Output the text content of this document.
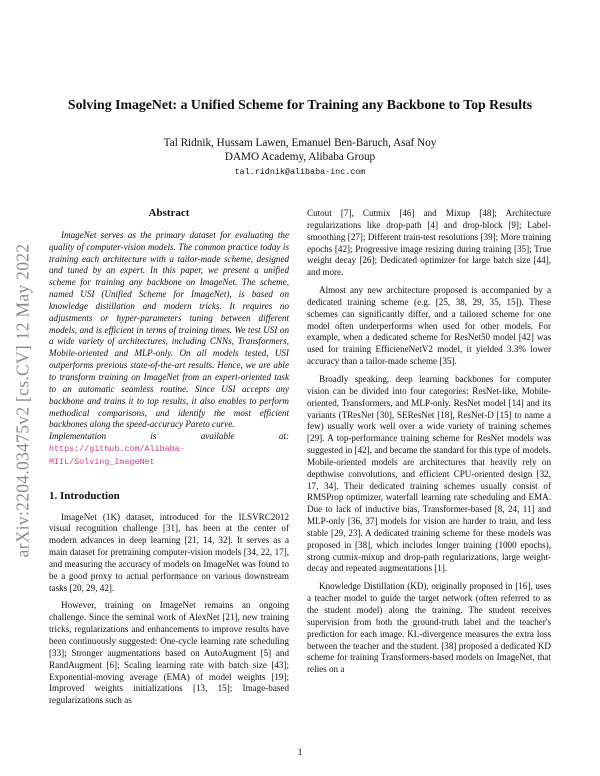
arXiv:2204.03475v2 [cs.CV] 12 May 2022
Solving ImageNet: a Unified Scheme for Training any Backbone to Top Results
Tal Ridnik, Hussam Lawen, Emanuel Ben-Baruch, Asaf Noy
DAMO Academy, Alibaba Group
tal.ridnik@alibaba-inc.com
Abstract

ImageNet serves as the primary dataset for evaluating the quality of computer-vision models. The common practice today is training each architecture with a tailor-made scheme, designed and tuned by an expert. In this paper, we present a unified scheme for training any backbone on ImageNet. The scheme, named USI (Unified Scheme for ImageNet), is based on knowledge distillation and modern tricks. It requires no adjustments or hyper-parameters tuning between different models, and is efficient in terms of training times. We test USI on a wide variety of architectures, including CNNs, Transformers, Mobile-oriented and MLP-only. On all models tested, USI outperforms previous state-of-the-art results. Hence, we are able to transform training on ImageNet from an expert-oriented task to an automatic seamless routine. Since USI accepts any backbone and trains it to top results, it also enables to perform methodical comparisons, and identify the most efficient backbones along the speed-accuracy Pareto curve.

Implementation is available at: https://github.com/Alibaba-MIIL/Solving_ImageNet

1. Introduction

ImageNet (1K) dataset, introduced for the ILSVRC2012 visual recognition challenge [31], has been at the center of modern advances in deep learning [21, 14, 32]. It serves as a main dataset for pretraining computer-vision models [34, 22, 17], and measuring the accuracy of models on ImageNet was found to be a good proxy to actual performance on various downstream tasks [20, 29, 42].

However, training on ImageNet remains an ongoing challenge. Since the seminal work of AlexNet [21], new training tricks, regularizations and enhancements to improve results have been continuously suggested: One-cycle learning rate scheduling [33]; Stronger augmentations based on AutoAugment [5] and RandAugment [6]; Scaling learning rate with batch size [43]; Exponential-moving average (EMA) of model weights [19]; Improved weights initializations [13, 15]; Image-based regularizations such as

Cutout [7], Cutmix [46] and Mixup [48]; Architecture regularizations like drop-path [4] and drop-block [9]; Label-smoothing [27]; Different train-test resolutions [39]; More training epochs [42]; Progressive image resizing during training [35]; True weight decay [26]; Dedicated optimizer for large batch size [44], and more.

Almost any new architecture proposed is accompanied by a dedicated training scheme (e.g. [25, 38, 29, 35, 15]). These schemes can significantly differ, and a tailored scheme for one model often underperforms when used for other models. For example, when a dedicated scheme for ResNet50 model [42] was used for training EfficieneNetV2 model, it yielded 3.3% lower accuracy than a tailor-made scheme [35].

Broadly speaking, deep learning backbones for computer vision can be divided into four categories: ResNet-like, Mobile-oriented, Transformers, and MLP-only. ResNet model [14] and its variants (TResNet [30], SEResNet [18], ResNet-D [15] to name a few) usually work well over a wide variety of training schemes [29]. A top-performance training scheme for ResNet models was suggested in [42], and became the standard for this type of models. Mobile-oriented models are architectures that heavily rely on depthwise convolutions, and efficient CPU-oriented design [32, 17, 34]. Their dedicated training schemes usually consist of RMSProp optimizer, waterfall learning rate scheduling and EMA. Due to lack of inductive bias, Transformer-based [8, 24, 11] and MLP-only [36, 37] models for vision are harder to train, and less stable [29, 23]. A dedicated training scheme for these models was proposed in [38], which includes longer training (1000 epochs), strong cutmix-mixup and drop-path regularizations, large weight-decay and repeated augmentations [1].

Knowledge Distillation (KD), originally proposed in [16], uses a teacher model to guide the target network (often referred to as the student model) along the training. The student receives supervision from both the ground-truth label and the teacher's prediction for each image. KL-divergence measures the extra loss between the teacher and the student. [38] proposed a dedicated KD scheme for training Transformers-based models on ImageNet, that relies on a

1
